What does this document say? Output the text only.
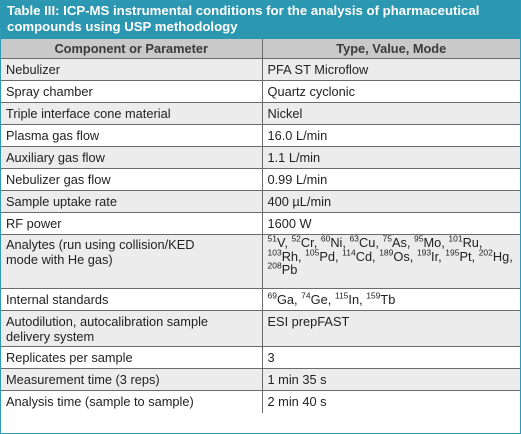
Table III: ICP-MS instrumental conditions for the analysis of pharmaceutical
compounds using USP methodology
Component or Parameter	Type, Value, Mode
Nebulizer	PFA ST Microflow
Spray chamber	Quartz cyclonic
Triple interface cone material	Nickel
Plasma gas flow	16.0 L/min
Auxiliary gas flow	1.1 L/min
Nebulizer gas flow	0.99 L/min
Sample uptake rate	400 µL/min
RF power	1600 W
Analytes (run using collision/KED
mode with He gas)	$^{51}$V, $^{52}$Cr, $^{60}$Ni, $^{63}$Cu, $^{75}$As, $^{95}$Mo, $^{101}$Ru, $^{103}$Rh, $^{105}$Pd, $^{114}$Cd, $^{189}$Os, $^{193}$Ir, $^{195}$Pt, $^{202}$Hg, $^{208}$Pb
Internal standards	$^{69}$Ga, $^{74}$Ge, $^{115}$In, $^{159}$Tb
Autodilution, autocalibration sample
delivery system	ESI prepFAST
Replicates per sample	3
Measurement time (3 reps)	1 min 35 s
Analysis time (sample to sample)	2 min 40 s
